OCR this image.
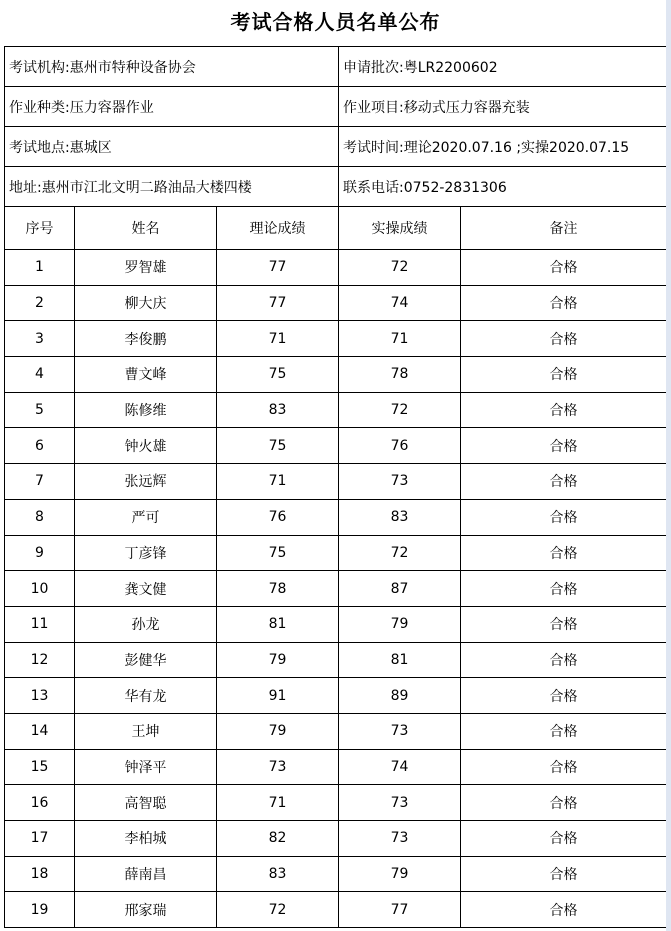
考试合格人员名单公布
考试机构:惠州市特种设备协会			申请批次:粤LR2200602	
作业种类:压力容器作业			作业项目:移动式压力容器充装	
考试地点:惠城区			考试时间:理论2020.07.16 ;实操2020.07.15	
地址:惠州市江北文明二路油品大楼四楼			联系电话:0752-2831306	
序号	姓名	理论成绩	实操成绩	备注
1	罗智雄	77	72	合格
2	柳大庆	77	74	合格
3	李俊鹏	71	71	合格
4	曹文峰	75	78	合格
5	陈修维	83	72	合格
6	钟火雄	75	76	合格
7	张远辉	71	73	合格
8	严可	76	83	合格
9	丁彦锋	75	72	合格
10	龚文健	78	87	合格
11	孙龙	81	79	合格
12	彭健华	79	81	合格
13	华有龙	91	89	合格
14	王坤	79	73	合格
15	钟泽平	73	74	合格
16	高智聪	71	73	合格
17	李柏城	82	73	合格
18	薛南昌	83	79	合格
19	邢家瑞	72	77	合格
